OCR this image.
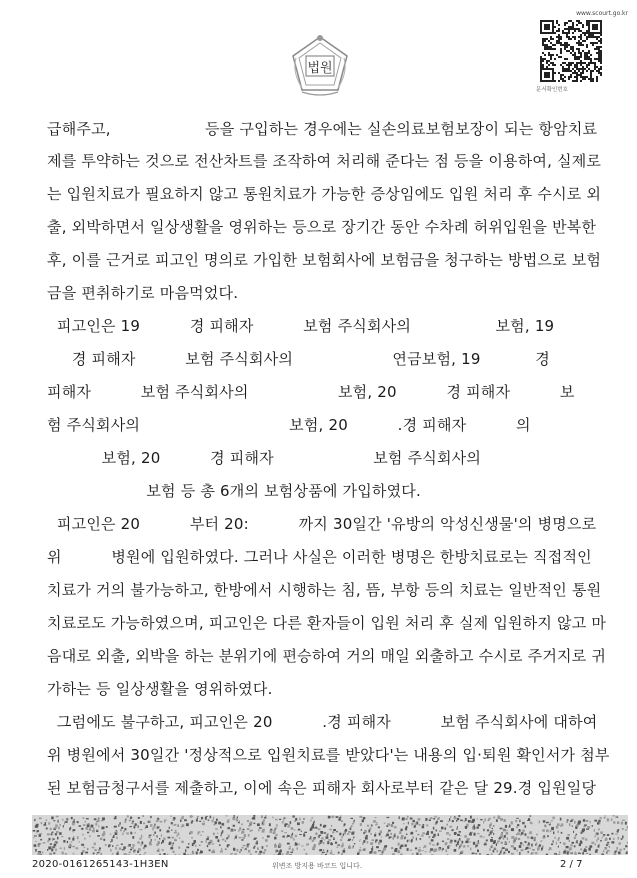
법원
www.scourt.go.kr
문서확인번호

급해주고,                   등을 구입하는 경우에는 실손의료보험보장이 되는 항암치료

제를 투약하는 것으로 전산차트를 조작하여 처리해 준다는 점 등을 이용하여, 실제로

는 입원치료가 필요하지 않고 통원치료가 가능한 증상임에도 입원 처리 후 수시로 외

출, 외박하면서 일상생활을 영위하는 등으로 장기간 동안 수차례 허위입원을 반복한

후, 이를 근거로 피고인 명의로 가입한 보험회사에 보험금을 청구하는 방법으로 보험

금을 편취하기로 마음먹었다.

피고인은 19          경 피해자          보험 주식회사의                 보험, 19

경 피해자          보험 주식회사의                    연금보험, 19           경

피해자          보험 주식회사의                  보험, 20          경 피해자          보

험 주식회사의                              보험, 20          .경 피해자          의

보험, 20          경 피해자                    보험 주식회사의

보험 등 총 6개의 보험상품에 가입하였다.

피고인은 20          부터 20:          까지 30일간 '유방의 악성신생물'의 병명으로

위          병원에 입원하였다. 그러나 사실은 이러한 병명은 한방치료로는 직접적인

치료가 거의 불가능하고, 한방에서 시행하는 침, 뜸, 부항 등의 치료는 일반적인 통원

치료로도 가능하였으며, 피고인은 다른 환자들이 입원 처리 후 실제 입원하지 않고 마

음대로 외출, 외박을 하는 분위기에 편승하여 거의 매일 외출하고 수시로 주거지로 귀

가하는 등 일상생활을 영위하였다.

그럼에도 불구하고, 피고인은 20          .경 피해자          보험 주식회사에 대하여

위 병원에서 30일간 '정상적으로 입원치료를 받았다'는 내용의 입·퇴원 확인서가 첨부

된 보험금청구서를 제출하고, 이에 속은 피해자 회사로부터 같은 달 29.경 입원일당

2020-0161265143-1H3EN	위변조 방지용 바코드 입니다.	2 / 7
